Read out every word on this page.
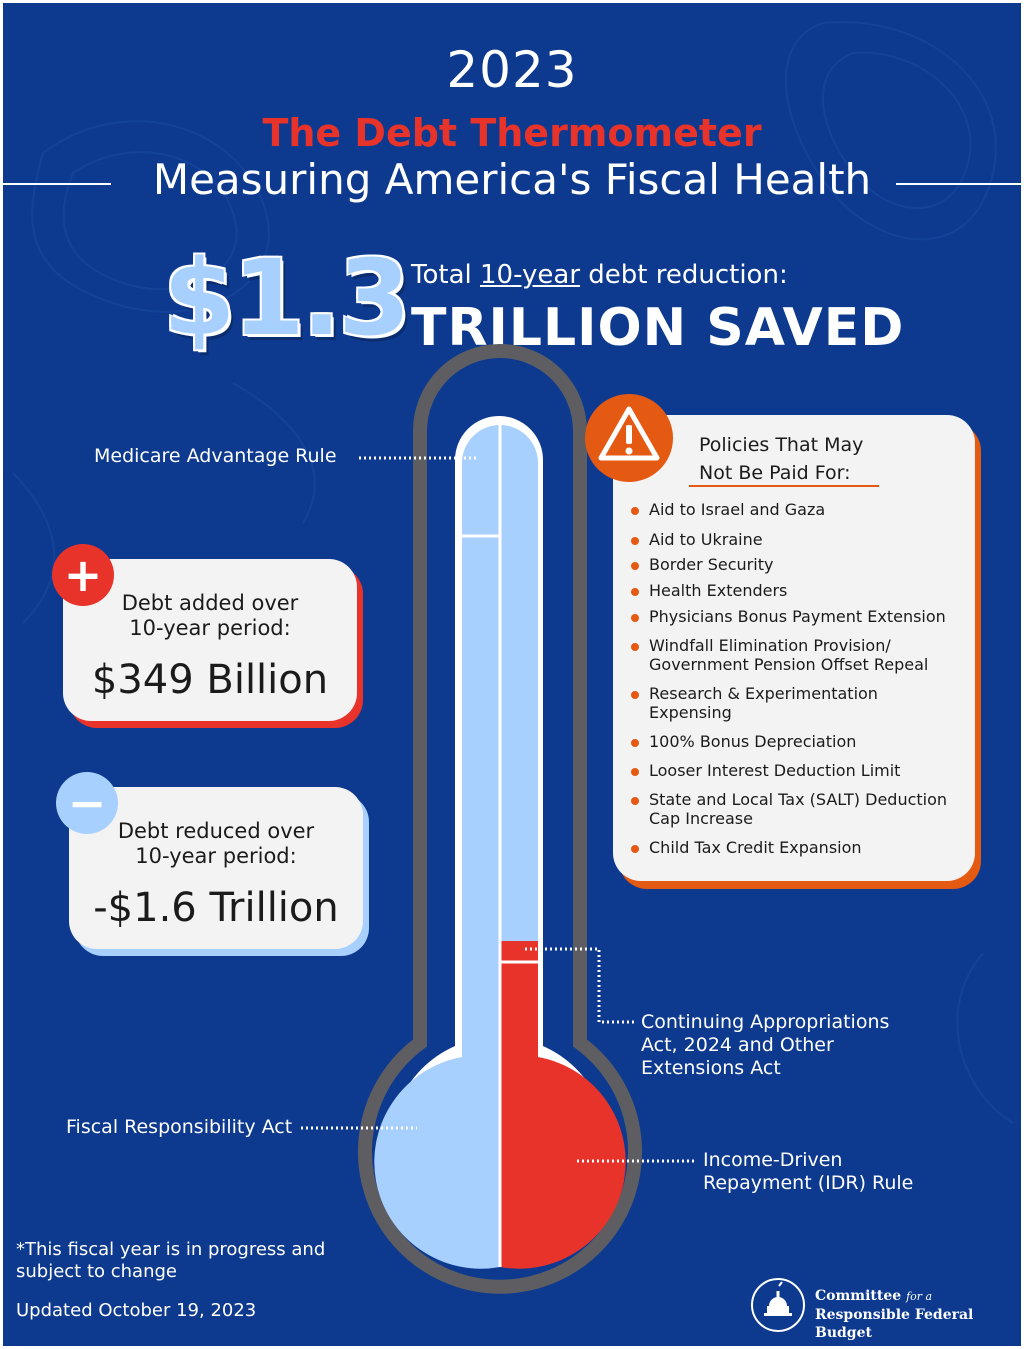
2023
The Debt Thermometer
Measuring America's Fiscal Health
$1.3 Total 10-year debt reduction:
TRILLION SAVED
Medicare Advantage Rule
Fiscal Responsibility Act
Continuing Appropriations
Act, 2024 and Other
Extensions Act
Income-Driven
Repayment (IDR) Rule
Debt added over
10-year period:
$349 Billion
+
Debt reduced over
10-year period:
-$1.6 Trillion
−
Policies That May
Not Be Paid For:
Aid to Israel and Gaza
Aid to Ukraine
Border Security
Health Extenders
Physicians Bonus Payment Extension
Windfall Elimination Provision/ Government Pension Offset Repeal
Research & Experimentation Expensing
100% Bonus Depreciation
Looser Interest Deduction Limit
State and Local Tax (SALT) Deduction Cap Increase
Child Tax Credit Expansion
*This fiscal year is in progress and
subject to change
Updated October 19, 2023
Committee for a
Responsible Federal Budget
